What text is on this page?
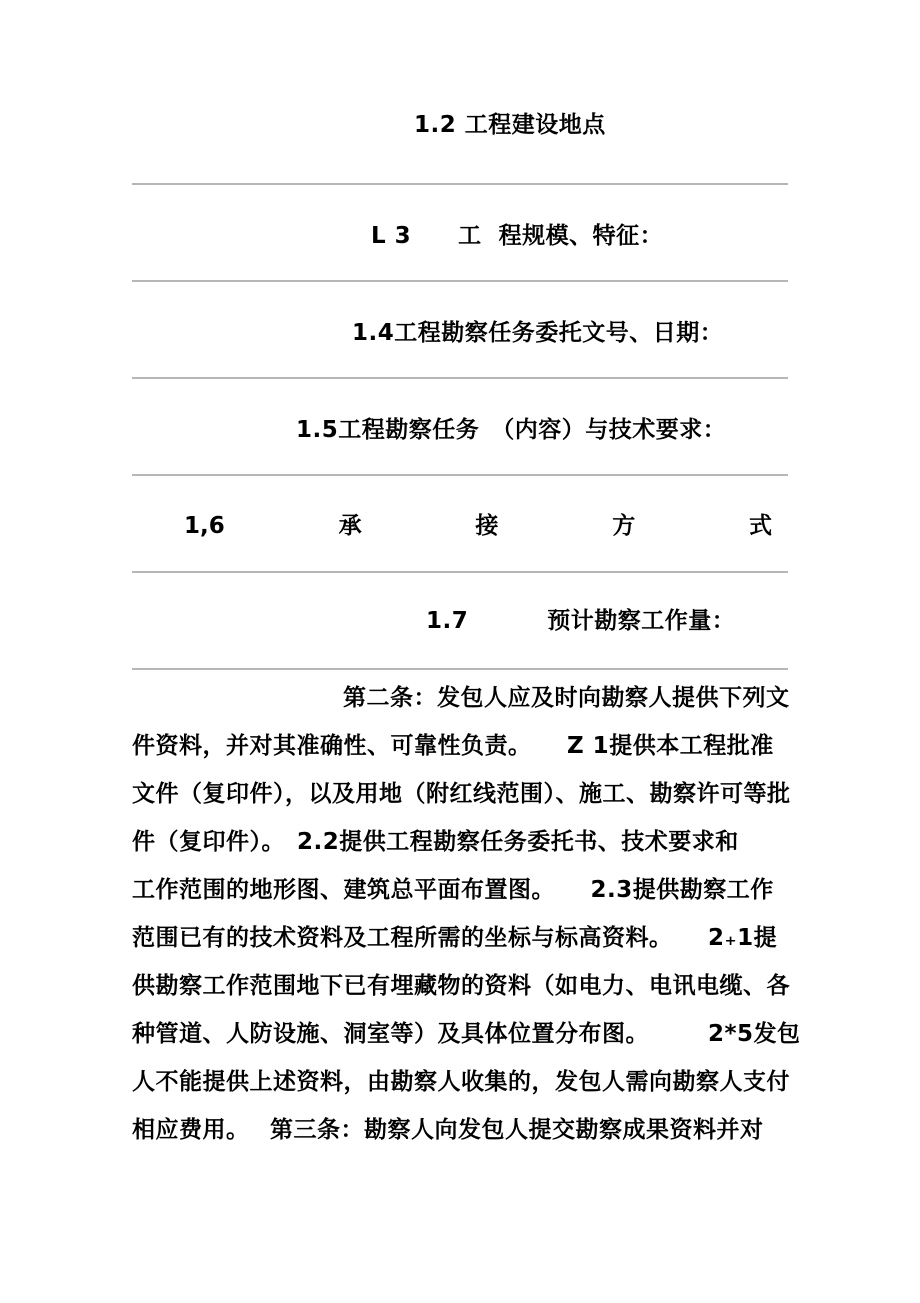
1.2 工程建设地点
L 3　　工  程规模、特征：
1.4工程勘察任务委托文号、日期：
1.5工程勘察任务　（内容）与技术要求：
1,6	承	接	方	式
1.7　　　 预计勘察工作量：
第二条：发包人应及时向勘察人提供下列文
件资料，并对其准确性、可靠性负责。　　Z 1提供本工程批准
文件（复印件），以及用地（附红线范围）、施工、勘察许可等批
件（复印件）。　2.2提供工程勘察任务委托书、技术要求和
工作范围的地形图、建筑总平面布置图。　　2.3提供勘察工作
范围已有的技术资料及工程所需的坐标与标高资料。　　2₊1提
供勘察工作范围地下已有埋藏物的资料（如电力、电讯电缆、各
种管道、人防设施、洞室等）及具体位置分布图。　　　2*5发包
人不能提供上述资料，由勘察人收集的，发包人需向勘察人支付
相应费用。　 第三条：勘察人向发包人提交勘察成果资料并对
